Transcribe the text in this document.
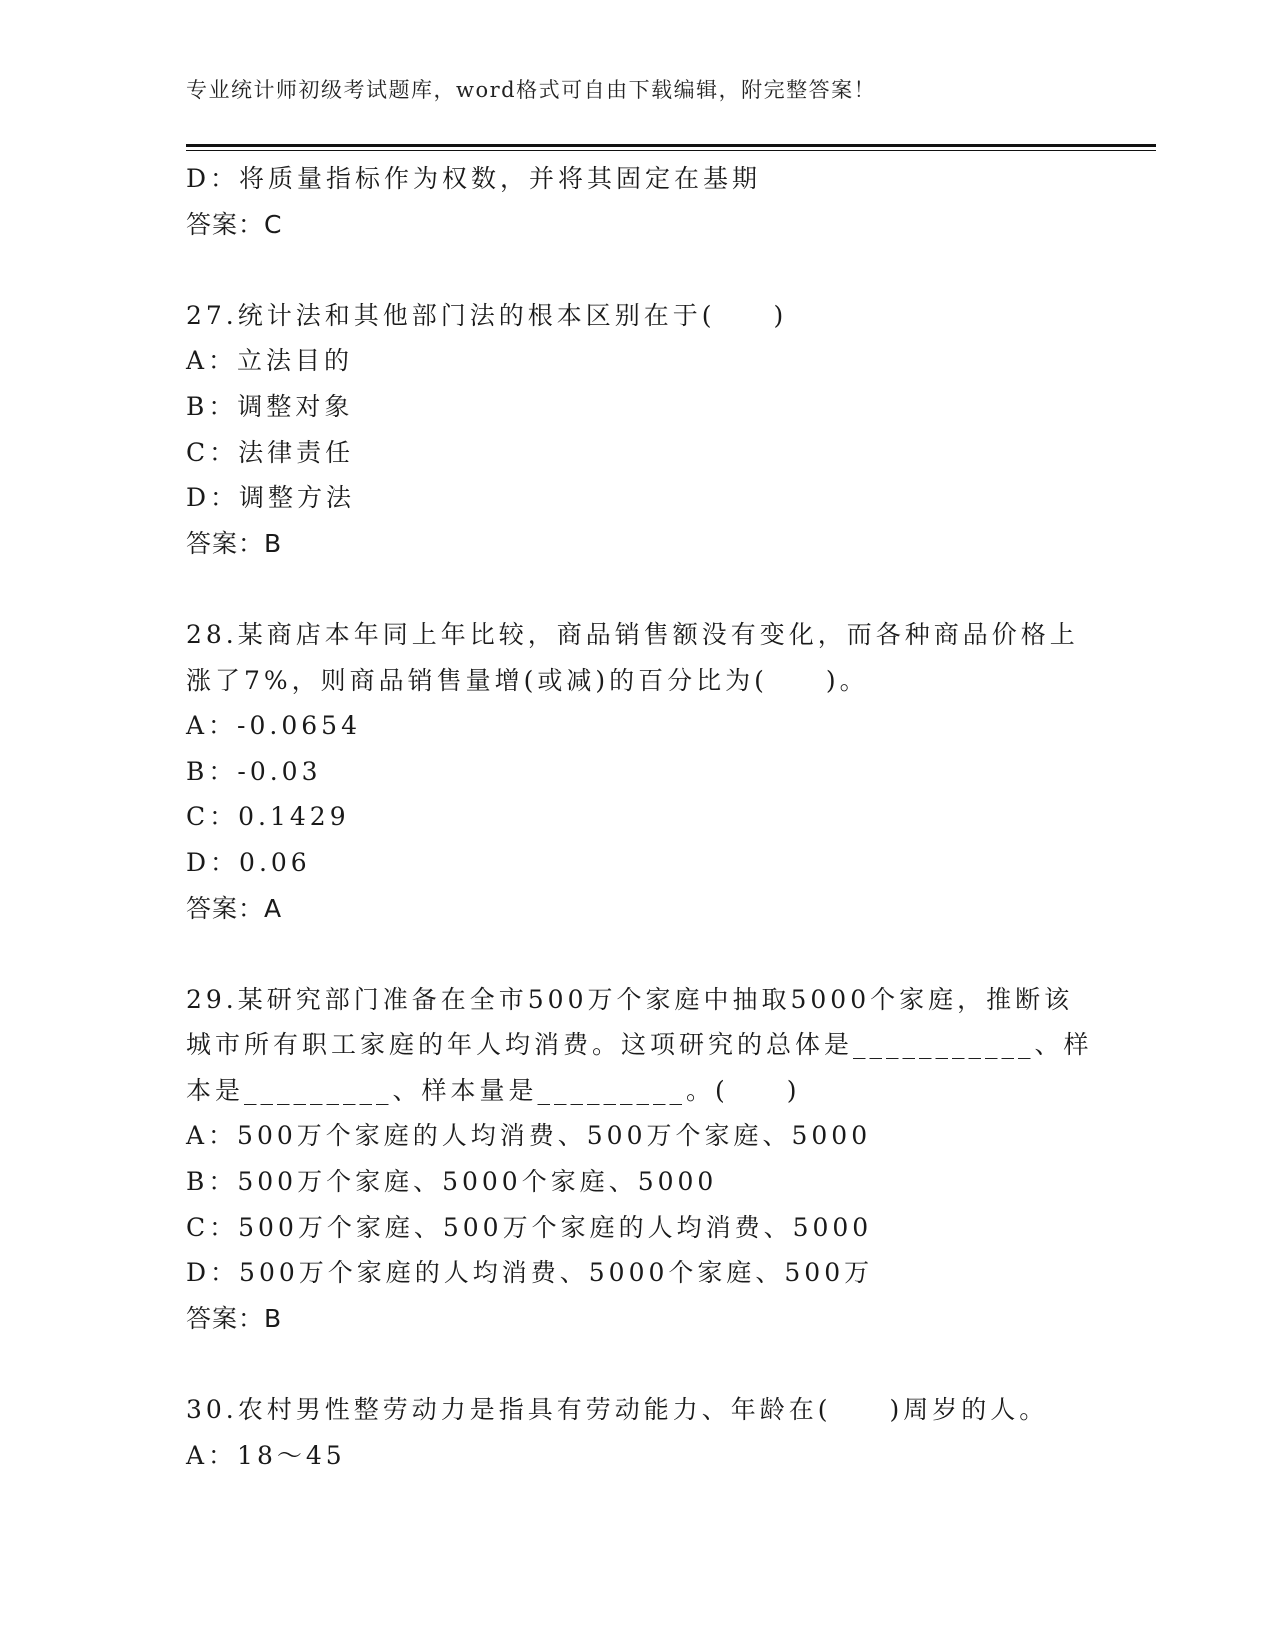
专业统计师初级考试题库，word格式可自由下载编辑，附完整答案！
D：将质量指标作为权数，并将其固定在基期
答案：C
27.统计法和其他部门法的根本区别在于(　　)
A：立法目的
B：调整对象
C：法律责任
D：调整方法
答案：B
28.某商店本年同上年比较，商品销售额没有变化，而各种商品价格上
涨了7%，则商品销售量增(或减)的百分比为(　　)。
A：-0.0654
B：-0.03
C：0.1429
D：0.06
答案：A
29.某研究部门准备在全市500万个家庭中抽取5000个家庭，推断该
城市所有职工家庭的年人均消费。这项研究的总体是___________、样
本是_________、样本量是_________。(　　)
A：500万个家庭的人均消费、500万个家庭、5000
B：500万个家庭、5000个家庭、5000
C：500万个家庭、500万个家庭的人均消费、5000
D：500万个家庭的人均消费、5000个家庭、500万
答案：B
30.农村男性整劳动力是指具有劳动能力、年龄在(　　)周岁的人。
A：18～45
